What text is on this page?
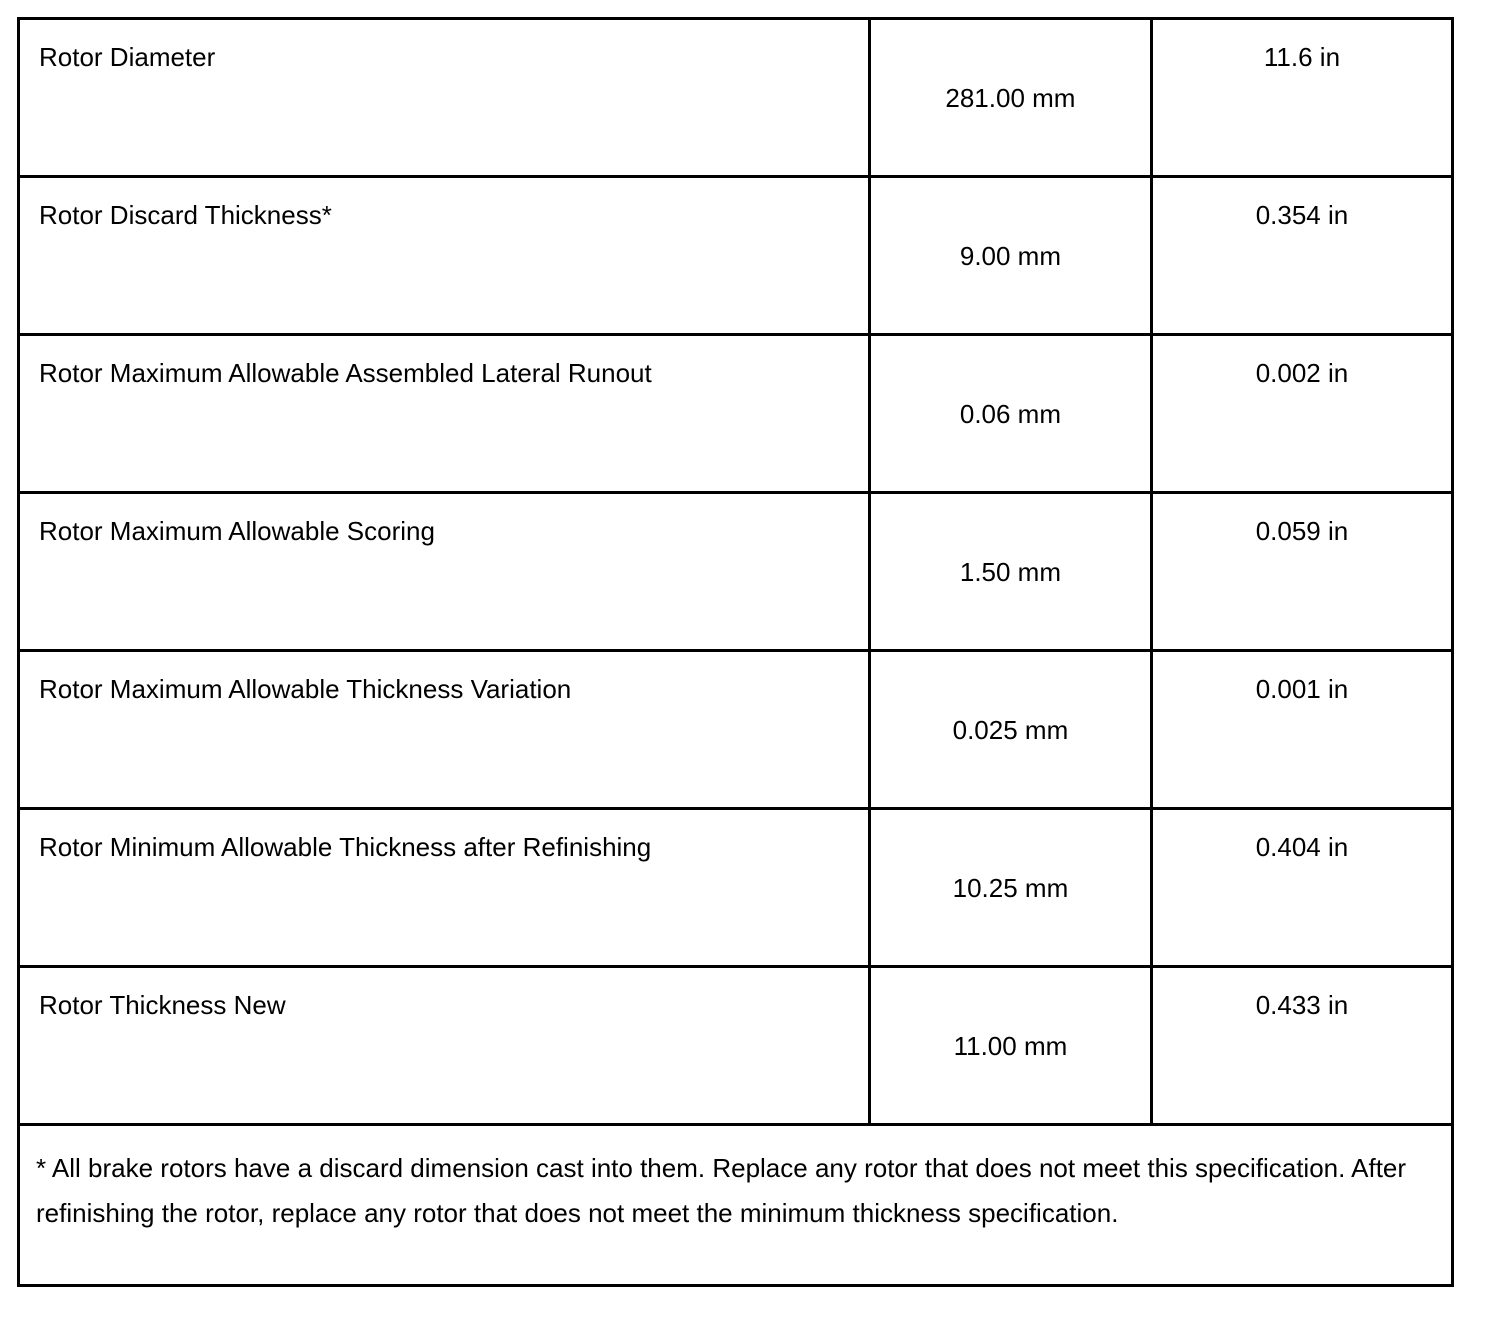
Rotor Diameter	281.00 mm	11.6 in

Rotor Discard Thickness*	9.00 mm	0.354 in

Rotor Maximum Allowable Assembled Lateral Runout	0.06 mm	0.002 in

Rotor Maximum Allowable Scoring	1.50 mm	0.059 in

Rotor Maximum Allowable Thickness Variation	0.025 mm	0.001 in

Rotor Minimum Allowable Thickness after Refinishing	10.25 mm	0.404 in

Rotor Thickness New	11.00 mm	0.433 in

* All brake rotors have a discard dimension cast into them. Replace any rotor that does not meet this specification. After refinishing the rotor, replace any rotor that does not meet the minimum thickness specification.		
